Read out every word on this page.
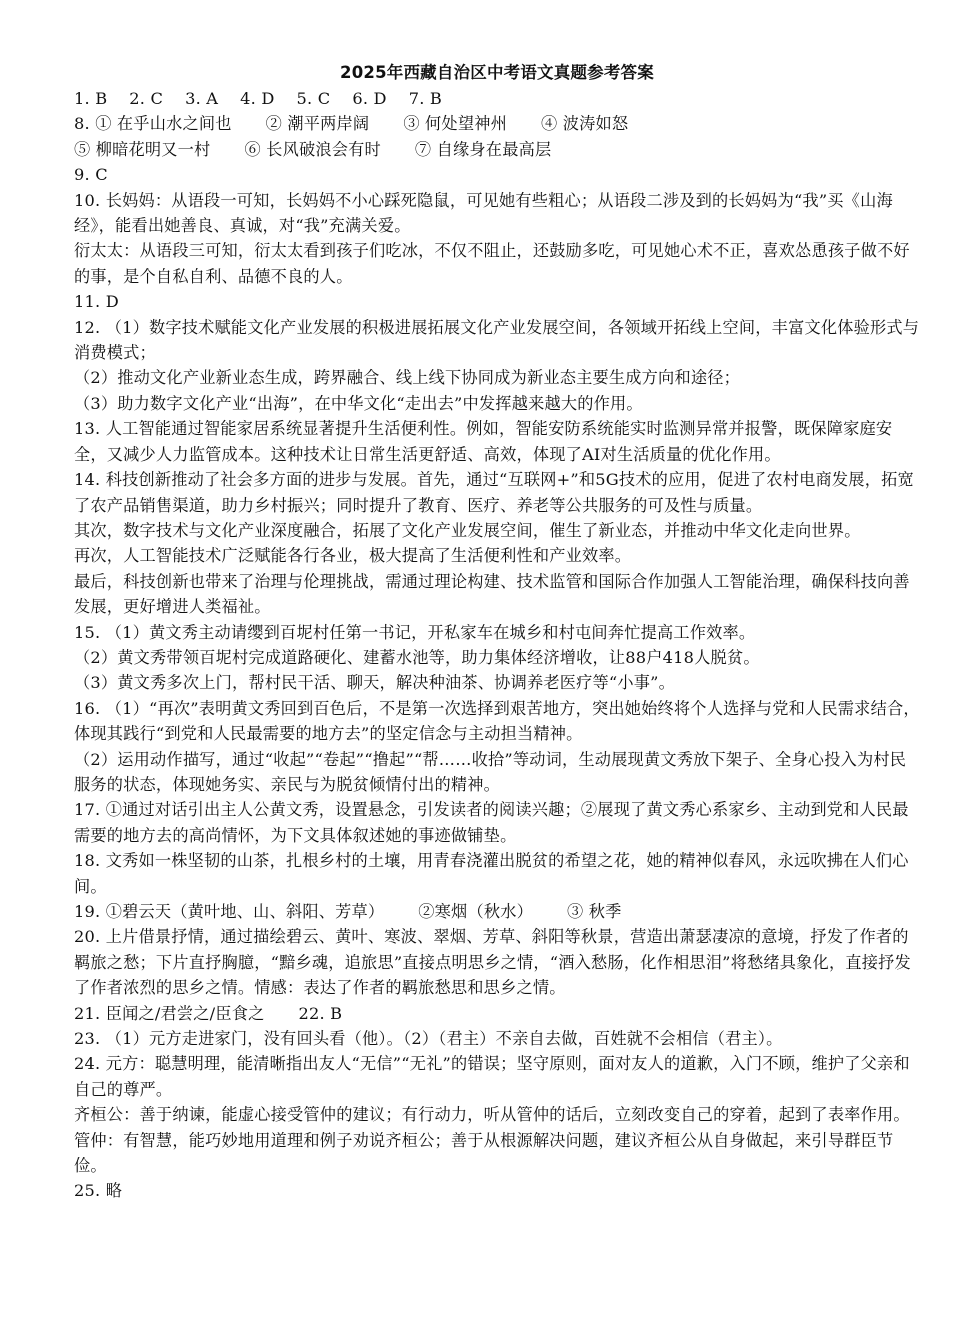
2025年西藏自治区中考语文真题参考答案

1. B 2. C 3. A 4. D 5. C 6. D 7. B

8. ① 在乎山水之间也 ② 潮平两岸阔 ③ 何处望神州 ④ 波涛如怒

⑤ 柳暗花明又一村 ⑥ 长风破浪会有时 ⑦ 自缘身在最高层

9. C

10. 长妈妈：从语段一可知，长妈妈不小心踩死隐鼠，可见她有些粗心；从语段二涉及到的长妈妈为“我”买《山海经》，能看出她善良、真诚，对“我”充满关爱。

衍太太：从语段三可知，衍太太看到孩子们吃冰，不仅不阻止，还鼓励多吃，可见她心术不正，喜欢怂恿孩子做不好的事，是个自私自利、品德不良的人。

11. D

12. （1）数字技术赋能文化产业发展的积极进展拓展文化产业发展空间，各领域开拓线上空间，丰富文化体验形式与消费模式；

（2）推动文化产业新业态生成，跨界融合、线上线下协同成为新业态主要生成方向和途径；

（3）助力数字文化产业“出海”，在中华文化“走出去”中发挥越来越大的作用。

13. 人工智能通过智能家居系统显著提升生活便利性。例如，智能安防系统能实时监测异常并报警，既保障家庭安全，又减少人力监管成本。这种技术让日常生活更舒适、高效，体现了AI对生活质量的优化作用。

14. 科技创新推动了社会多方面的进步与发展。首先，通过“互联网+”和5G技术的应用，促进了农村电商发展，拓宽了农产品销售渠道，助力乡村振兴；同时提升了教育、医疗、养老等公共服务的可及性与质量。

其次，数字技术与文化产业深度融合，拓展了文化产业发展空间，催生了新业态，并推动中华文化走向世界。

再次，人工智能技术广泛赋能各行各业，极大提高了生活便利性和产业效率。

最后，科技创新也带来了治理与伦理挑战，需通过理论构建、技术监管和国际合作加强人工智能治理，确保科技向善发展，更好增进人类福祉。

15. （1）黄文秀主动请缨到百坭村任第一书记，开私家车在城乡和村屯间奔忙提高工作效率。

（2）黄文秀带领百坭村完成道路硬化、建蓄水池等，助力集体经济增收，让88户418人脱贫。

（3）黄文秀多次上门，帮村民干活、聊天，解决种油茶、协调养老医疗等“小事”。

16. （1）“再次”表明黄文秀回到百色后，不是第一次选择到艰苦地方，突出她始终将个人选择与党和人民需求结合，体现其践行“到党和人民最需要的地方去”的坚定信念与主动担当精神。

（2）运用动作描写，通过“收起”“卷起”“撸起”“帮……收拾”等动词，生动展现黄文秀放下架子、全身心投入为村民服务的状态，体现她务实、亲民与为脱贫倾情付出的精神。

17. ①通过对话引出主人公黄文秀，设置悬念，引发读者的阅读兴趣；②展现了黄文秀心系家乡、主动到党和人民最需要的地方去的高尚情怀，为下文具体叙述她的事迹做铺垫。

18. 文秀如一株坚韧的山茶，扎根乡村的土壤，用青春浇灌出脱贫的希望之花，她的精神似春风，永远吹拂在人们心间。

19. ①碧云天（黄叶地、山、斜阳、芳草） ②寒烟（秋水） ③ 秋季

20. 上片借景抒情，通过描绘碧云、黄叶、寒波、翠烟、芳草、斜阳等秋景，营造出萧瑟凄凉的意境，抒发了作者的羁旅之愁；下片直抒胸臆，“黯乡魂，追旅思”直接点明思乡之情，“酒入愁肠，化作相思泪”将愁绪具象化，直接抒发了作者浓烈的思乡之情。情感：表达了作者的羁旅愁思和思乡之情。

21. 臣闻之/君尝之/臣食之 22. B

23. （1）元方走进家门，没有回头看（他）。（2）（君主）不亲自去做，百姓就不会相信（君主）。

24. 元方：聪慧明理，能清晰指出友人“无信”“无礼”的错误；坚守原则，面对友人的道歉，入门不顾，维护了父亲和自己的尊严。

齐桓公：善于纳谏，能虚心接受管仲的建议；有行动力，听从管仲的话后，立刻改变自己的穿着，起到了表率作用。

管仲：有智慧，能巧妙地用道理和例子劝说齐桓公；善于从根源解决问题，建议齐桓公从自身做起，来引导群臣节俭。

25. 略
